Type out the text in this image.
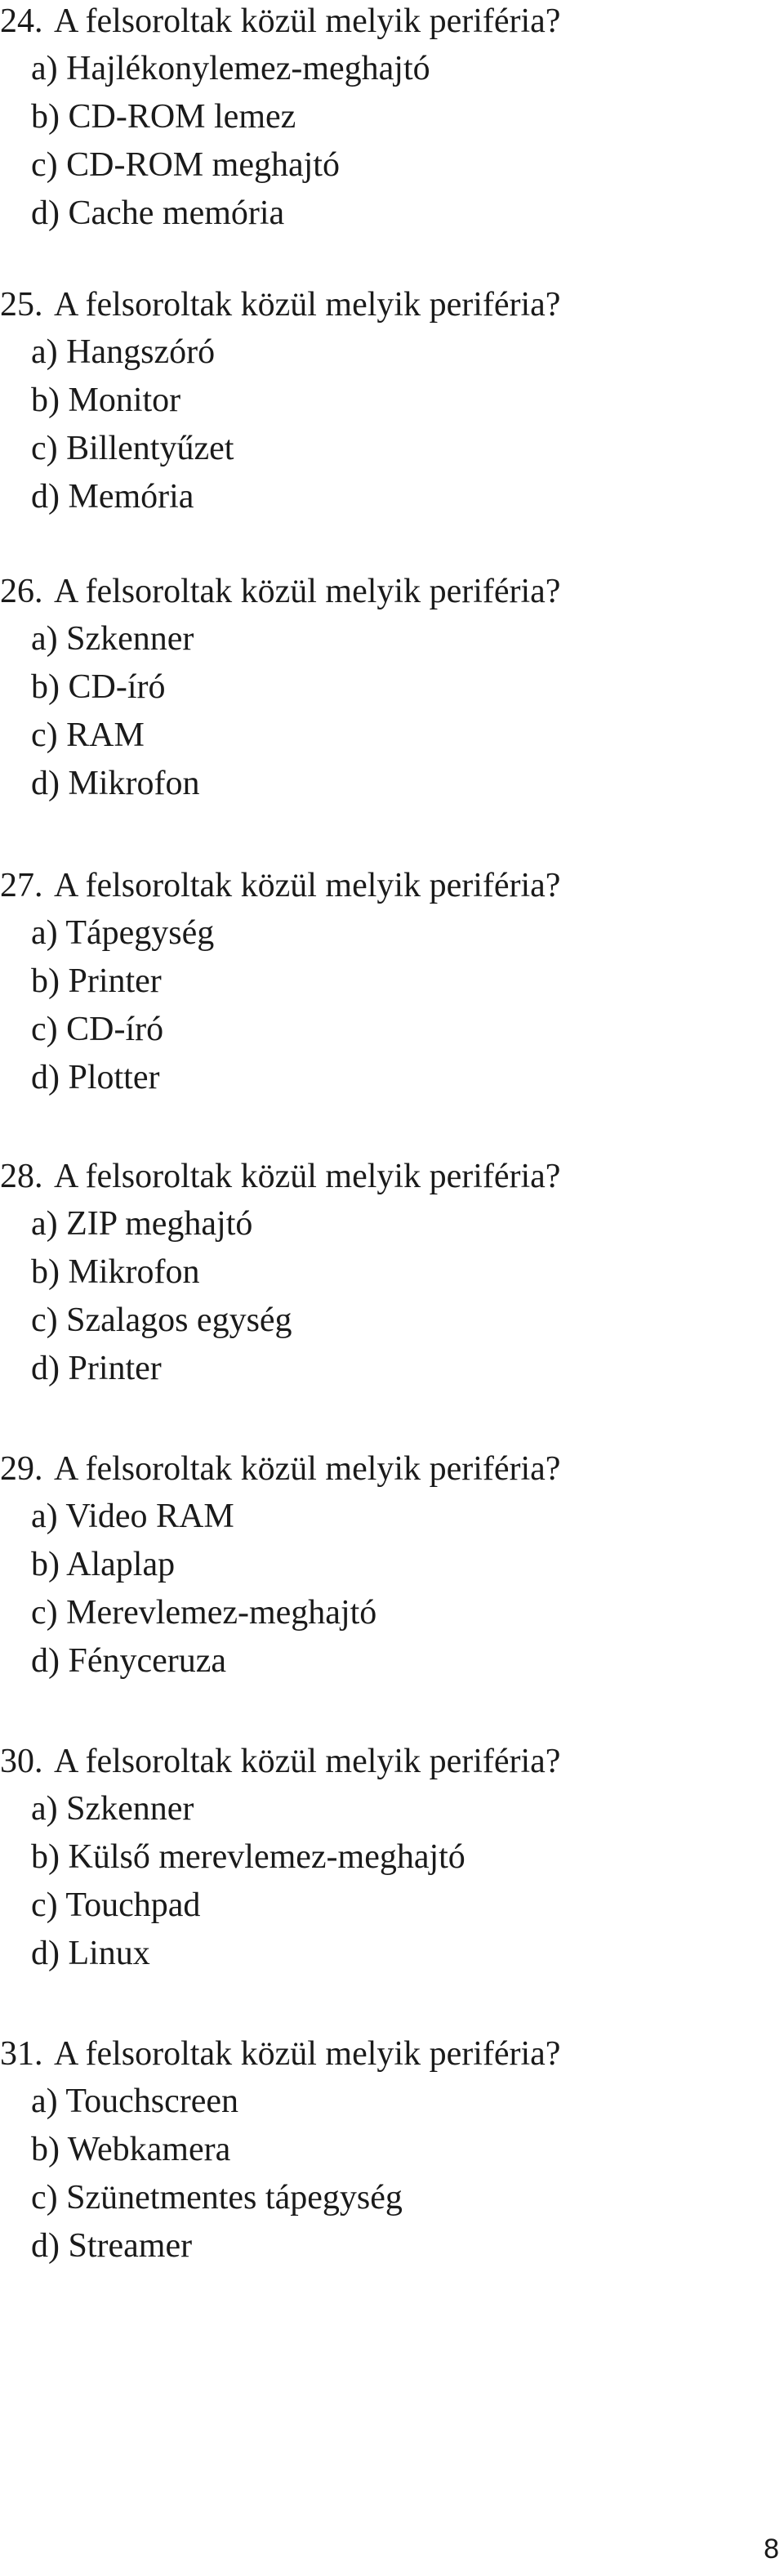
24. A felsoroltak közül melyik periféria?
a) Hajlékonylemez-meghajtó
b) CD-ROM lemez
c) CD-ROM meghajtó
d) Cache memória
25. A felsoroltak közül melyik periféria?
a) Hangszóró
b) Monitor
c) Billentyűzet
d) Memória
26. A felsoroltak közül melyik periféria?
a) Szkenner
b) CD-író
c) RAM
d) Mikrofon
27. A felsoroltak közül melyik periféria?
a) Tápegység
b) Printer
c) CD-író
d) Plotter
28. A felsoroltak közül melyik periféria?
a) ZIP meghajtó
b) Mikrofon
c) Szalagos egység
d) Printer
29. A felsoroltak közül melyik periféria?
a) Video RAM
b) Alaplap
c) Merevlemez-meghajtó
d) Fényceruza
30. A felsoroltak közül melyik periféria?
a) Szkenner
b) Külső merevlemez-meghajtó
c) Touchpad
d) Linux
31. A felsoroltak közül melyik periféria?
a) Touchscreen
b) Webkamera
c) Szünetmentes tápegység
d) Streamer
8
